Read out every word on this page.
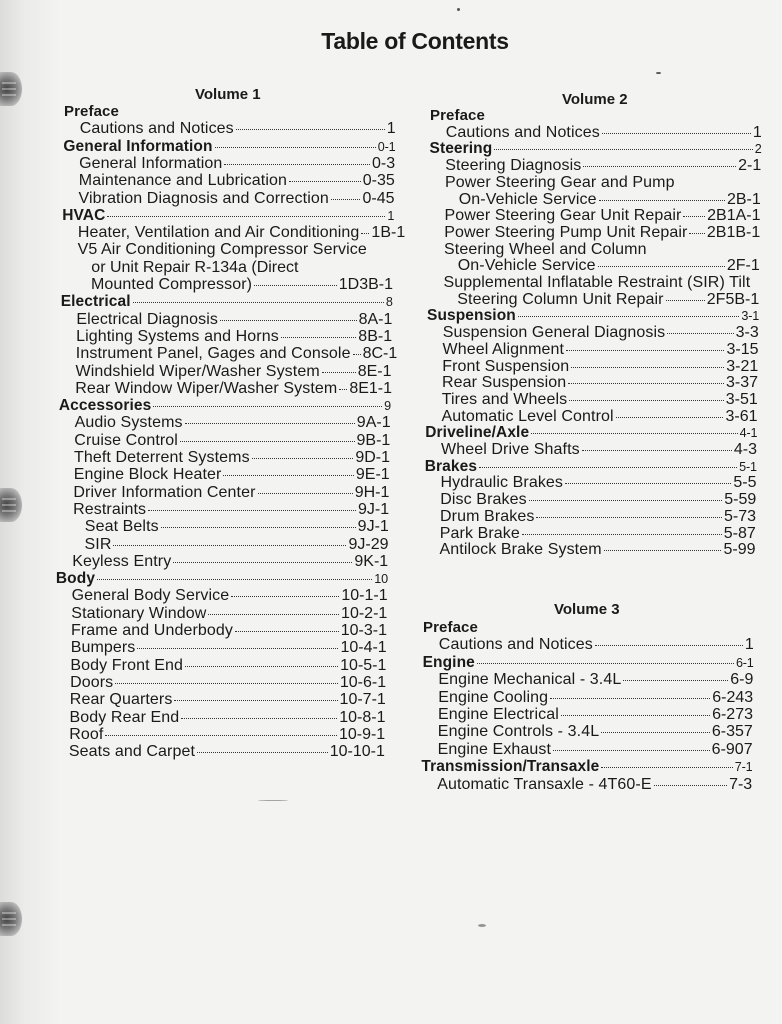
Table of Contents
Volume 1
Preface
Cautions and Notices	1
General Information	0-1
General Information	0-3
Maintenance and Lubrication	0-35
Vibration Diagnosis and Correction 0-45
HVAC	1
Heater, Ventilation and Air Conditioning 1B-1
V5 Air Conditioning Compressor Service
or Unit Repair R-134a (Direct
Mounted Compressor)	1D3B-1
Electrical	8
Electrical Diagnosis	8A-1
Lighting Systems and Horns	8B-1
Instrument Panel, Gages and Console 8C-1
Windshield Wiper/Washer System 8E-1
Rear Window Wiper/Washer System 8E1-1
Accessories	9
Audio Systems	9A-1
Cruise Control	9B-1
Theft Deterrent Systems	9D-1
Engine Block Heater	9E-1
Driver Information Center	9H-1
Restraints	9J-1
Seat Belts	9J-1
SIR	9J-29
Keyless Entry	9K-1
Body	10
General Body Service	10-1-1
Stationary Window	10-2-1
Frame and Underbody	10-3-1
Bumpers	10-4-1
Body Front End	10-5-1
Doors	10-6-1
Rear Quarters	10-7-1
Body Rear End	10-8-1
Roof	10-9-1
Seats and Carpet	10-10-1
Volume 2
Preface
Cautions and Notices	1
Steering	2
Steering Diagnosis	2-1
Power Steering Gear and Pump
On-Vehicle Service	2B-1
Power Steering Gear Unit Repair 2B1A-1
Power Steering Pump Unit Repair 2B1B-1
Steering Wheel and Column
On-Vehicle Service	2F-1
Supplemental Inflatable Restraint (SIR) Tilt
Steering Column Unit Repair	2F5B-1
Suspension	3-1
Suspension General Diagnosis	3-3
Wheel Alignment	3-15
Front Suspension	3-21
Rear Suspension	3-37
Tires and Wheels	3-51
Automatic Level Control	3-61
Driveline/Axle	4-1
Wheel Drive Shafts	4-3
Brakes	5-1
Hydraulic Brakes	5-5
Disc Brakes	5-59
Drum Brakes	5-73
Park Brake	5-87
Antilock Brake System	5-99
Volume 3
Preface
Cautions and Notices	1
Engine	6-1
Engine Mechanical - 3.4L	6-9
Engine Cooling	6-243
Engine Electrical	6-273
Engine Controls - 3.4L	6-357
Engine Exhaust	6-907
Transmission/Transaxle	7-1
Automatic Transaxle - 4T60-E	7-3
